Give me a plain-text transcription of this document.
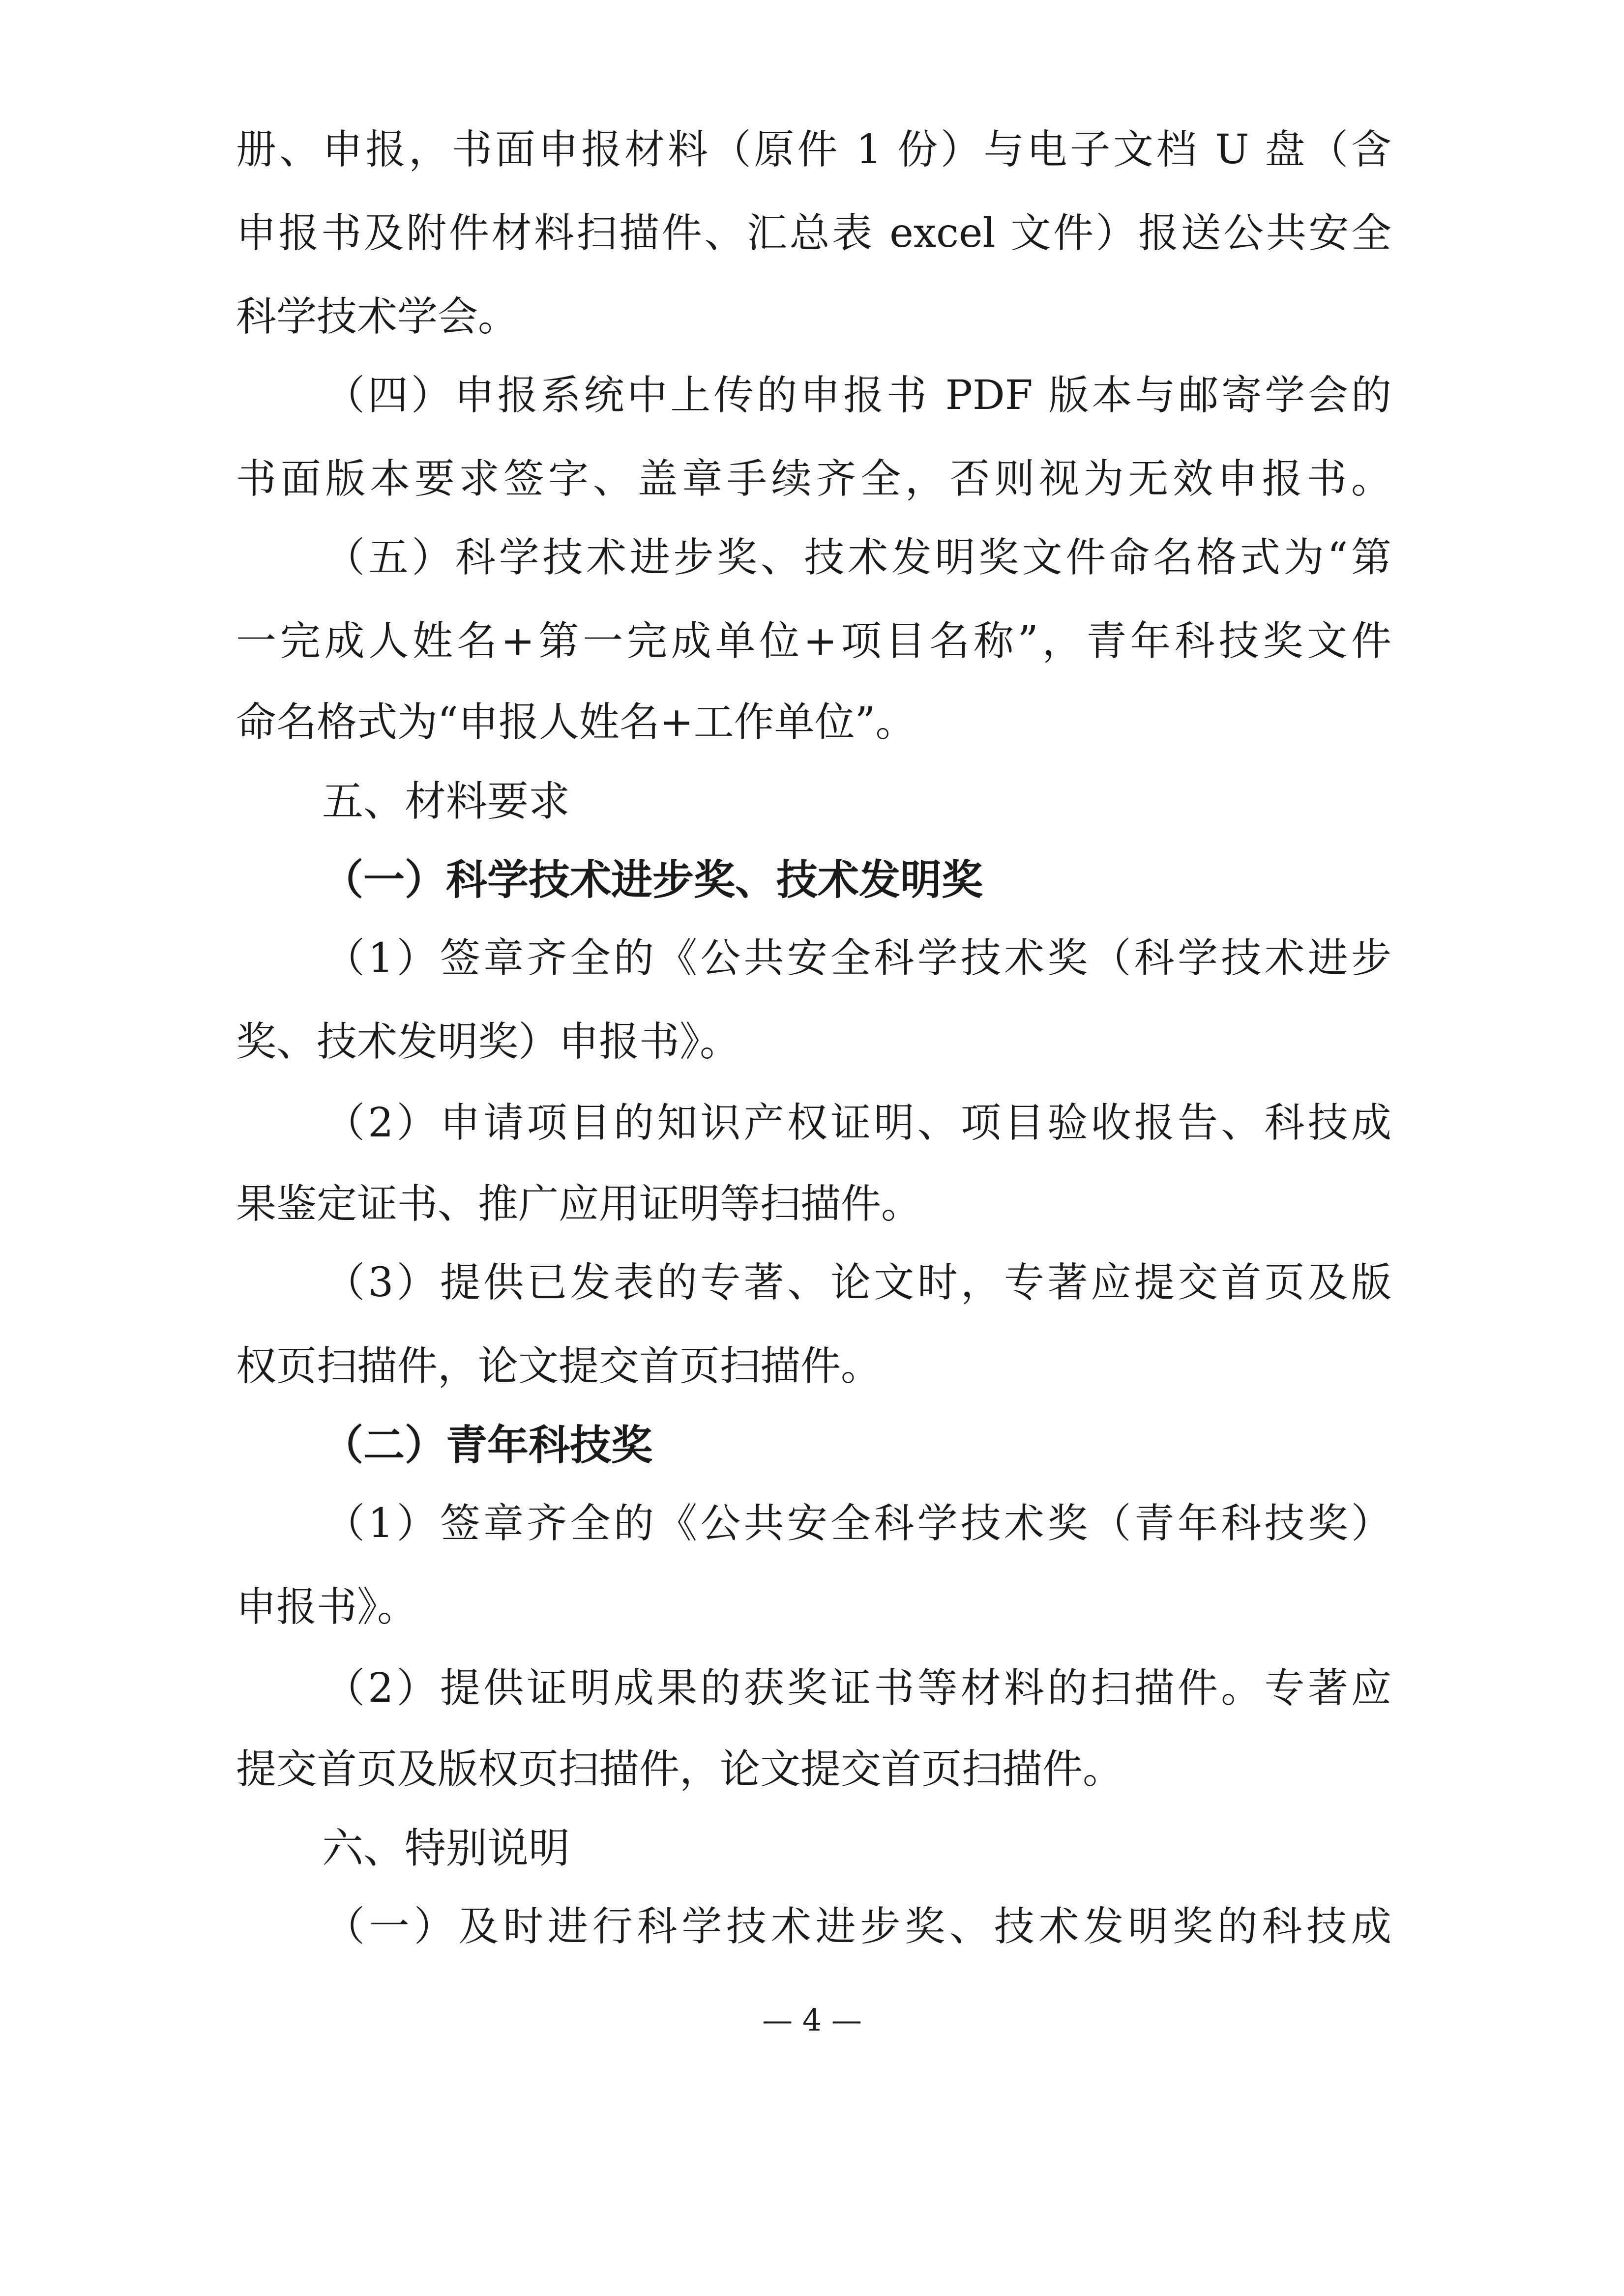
册、申报，书面申报材料（原件 1 份）与电子文档 U 盘（含
申报书及附件材料扫描件、汇总表 excel 文件）报送公共安全
科学技术学会。
（四）申报系统中上传的申报书 PDF 版本与邮寄学会的
书面版本要求签字、盖章手续齐全，否则视为无效申报书。
（五）科学技术进步奖、技术发明奖文件命名格式为“第
一完成人姓名+第一完成单位+项目名称”，青年科技奖文件
命名格式为“申报人姓名+工作单位”。
五、材料要求
（一）科学技术进步奖、技术发明奖
（1）签章齐全的《公共安全科学技术奖（科学技术进步
奖、技术发明奖）申报书》。
（2）申请项目的知识产权证明、项目验收报告、科技成
果鉴定证书、推广应用证明等扫描件。
（3）提供已发表的专著、论文时，专著应提交首页及版
权页扫描件，论文提交首页扫描件。
（二）青年科技奖
（1）签章齐全的《公共安全科学技术奖（青年科技奖）
申报书》。
（2）提供证明成果的获奖证书等材料的扫描件。专著应
提交首页及版权页扫描件，论文提交首页扫描件。
六、特别说明
（一）及时进行科学技术进步奖、技术发明奖的科技成
— 4 —
